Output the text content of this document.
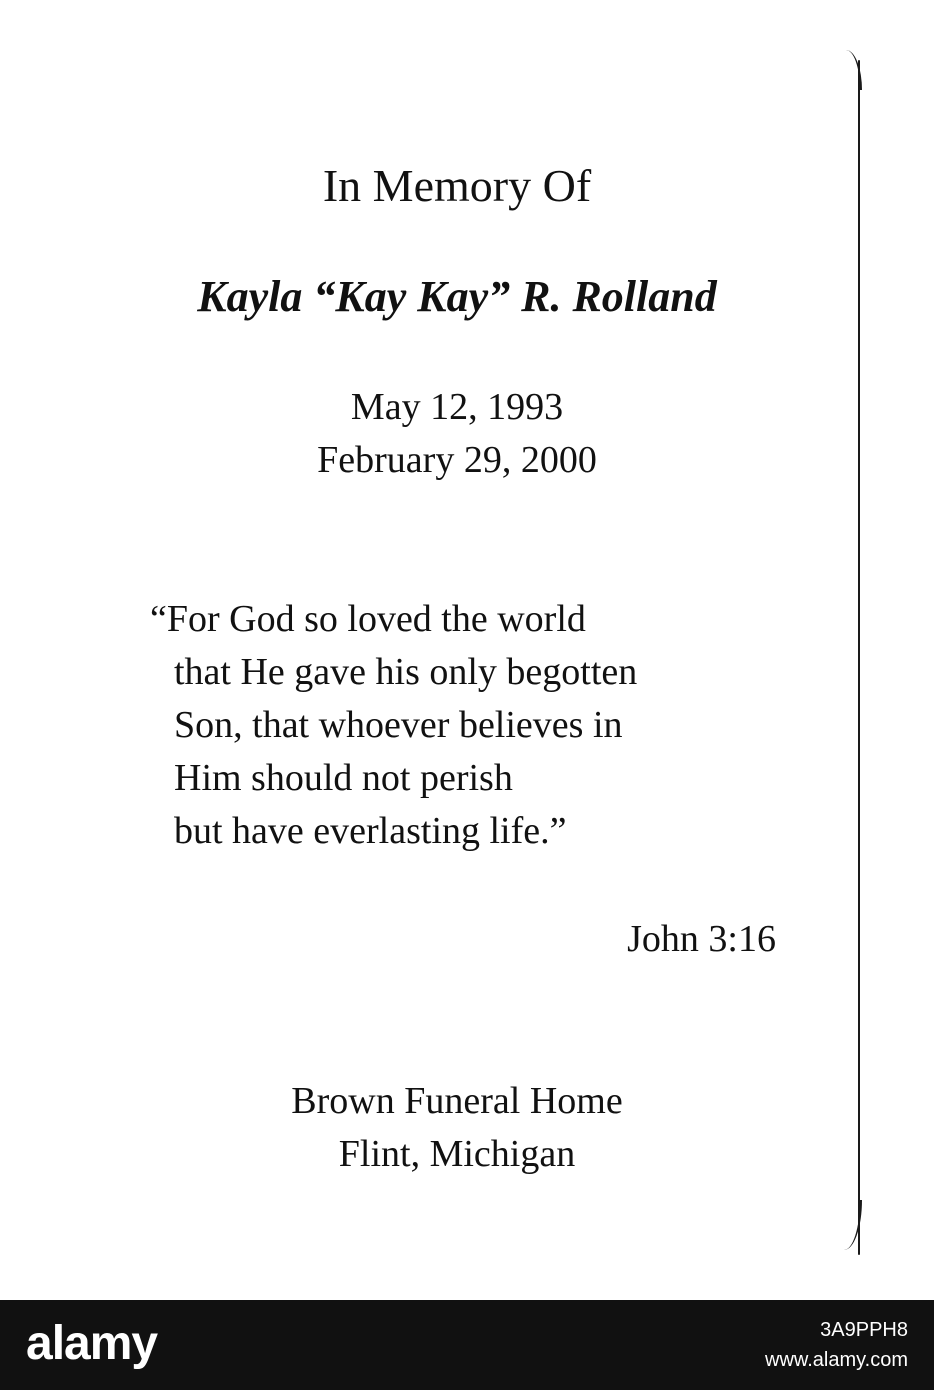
In Memory Of
Kayla “Kay Kay” R. Rolland
May 12, 1993
February 29, 2000
“For God so loved the world
that He gave his only begotten
Son, that whoever believes in
Him should not perish
but have everlasting life.”
John 3:16
Brown Funeral Home
Flint, Michigan
alamy	3A9PPH8
www.alamy.com
